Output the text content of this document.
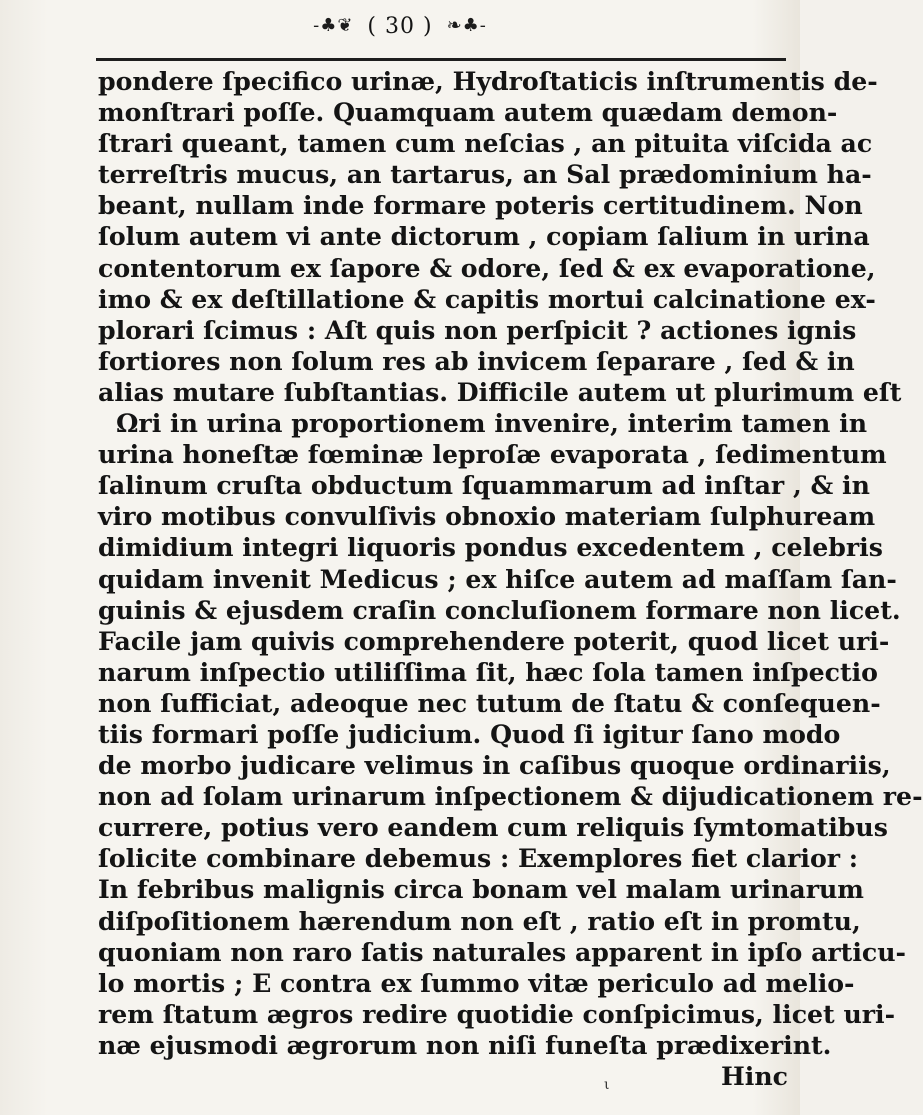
-♣❦ ( 30 ) ❧♣-
pondere ſpecifico urinæ, Hydroſtaticis inſtrumentis de-
monſtrari poſſe. Quamquam autem quædam demon-
ſtrari queant, tamen cum neſcias , an pituita viſcida ac
terreſtris mucus, an tartarus, an Sal prædominium ha-
beant, nullam inde formare poteris certitudinem. Non
ſolum autem vi ante dictorum , copiam ſalium in urina
contentorum ex ſapore & odore, ſed & ex evaporatione,
imo & ex deſtillatione & capitis mortui calcinatione ex-
plorari ſcimus : Aſt quis non perſpicit ? actiones ignis
fortiores non ſolum res ab invicem ſeparare , ſed & in
alias mutare ſubſtantias. Difficile autem ut plurimum eſt
Ωri in urina proportionem invenire, interim tamen in
urina honeſtæ fœminæ leproſæ evaporata , ſedimentum
ſalinum cruſta obductum ſquammarum ad inſtar , & in
viro motibus convulſivis obnoxio materiam ſulphuream
dimidium integri liquoris pondus excedentem , celebris
quidam invenit Medicus ; ex hiſce autem ad maſſam ſan-
guinis & ejusdem craſin concluſionem formare non licet.
Facile jam quivis comprehendere poterit, quod licet uri-
narum inſpectio utiliſſima ſit, hæc ſola tamen inſpectio
non ſufficiat, adeoque nec tutum de ſtatu & conſequen-
tiis formari poſſe judicium. Quod ſi igitur ſano modo
de morbo judicare velimus in caſibus quoque ordinariis,
non ad ſolam urinarum inſpectionem & dijudicationem re-
currere, potius vero eandem cum reliquis ſymtomatibus
ſolicite combinare debemus : Exemplores fiet clarior :
In febribus malignis circa bonam vel malam urinarum
diſpoſitionem hærendum non eſt , ratio eſt in promtu,
quoniam non raro ſatis naturales apparent in ipſo articu-
lo mortis ; E contra ex ſummo vitæ periculo ad melio-
rem ſtatum ægros redire quotidie conſpicimus, licet uri-
næ ejusmodi ægrorum non niſi funeſta prædixerint.
Hinc
ι
